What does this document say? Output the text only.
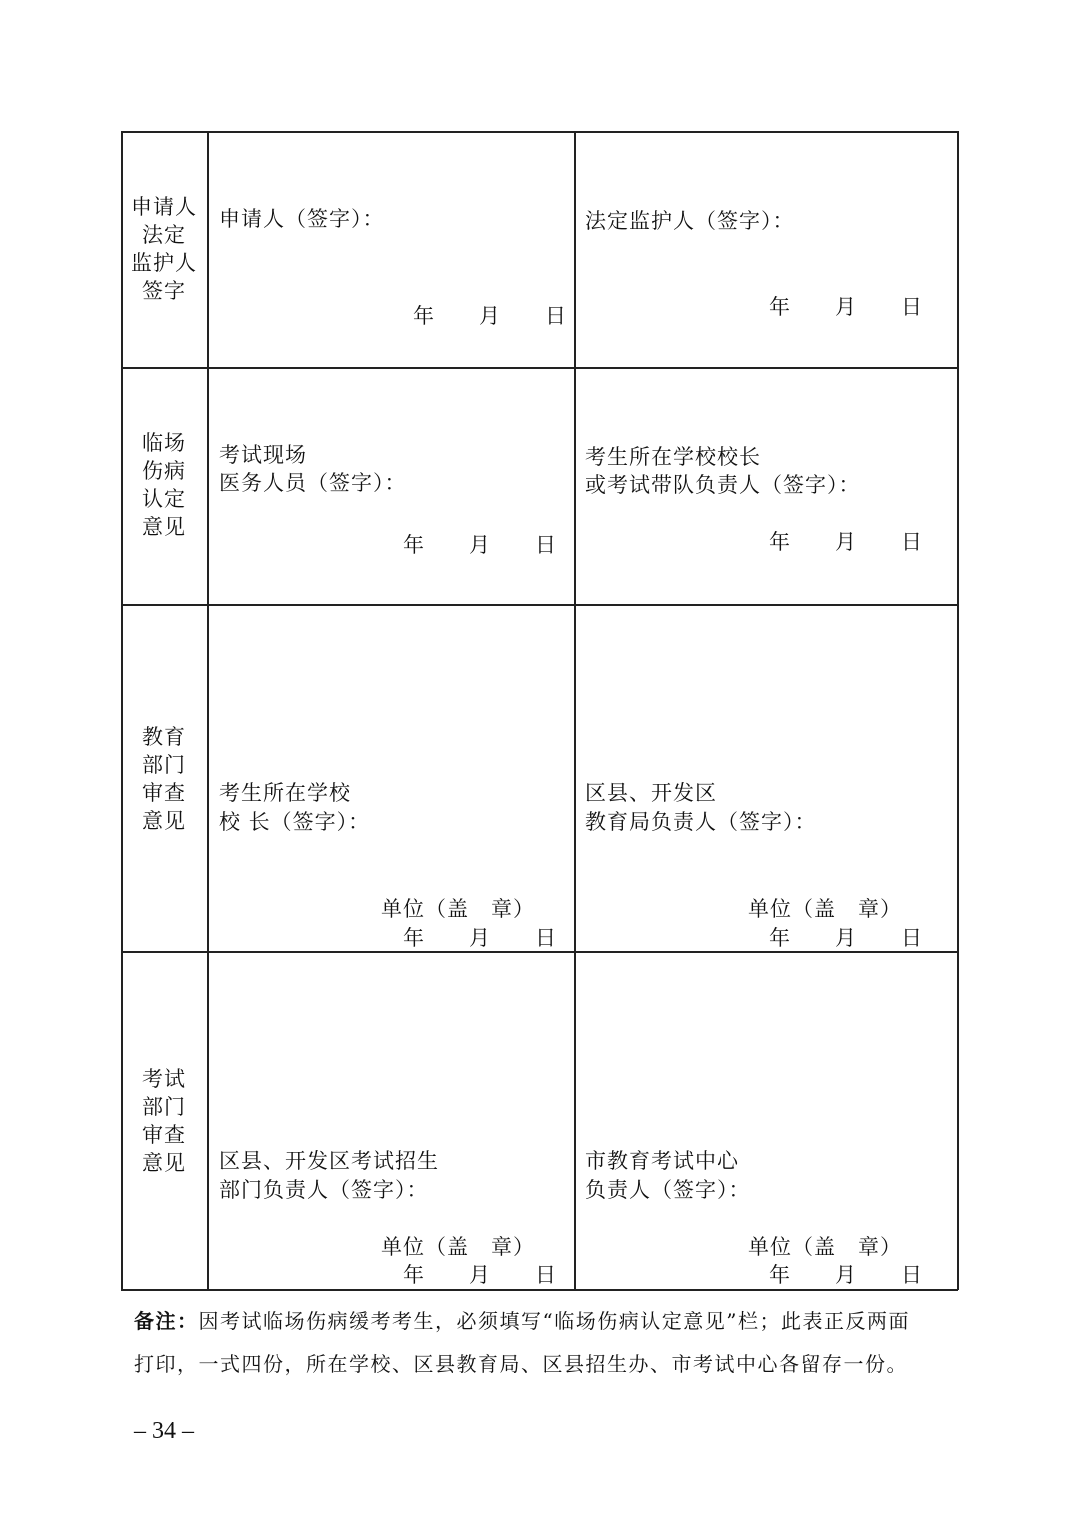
申请人
法定
监护人
签字
申请人（签字）：
年　　月　　日
法定监护人（签字）：
年　　月　　日
临场
伤病
认定
意见
考试现场
医务人员（签字）：
年　　月　　日
考生所在学校校长
或考试带队负责人（签字）：
年　　月　　日
教育
部门
审查
意见
考生所在学校
校 长（签字）：
单位（盖　章）
年　　月　　日
区县、开发区
教育局负责人（签字）：
单位（盖　章）
年　　月　　日
考试
部门
审查
意见	区县、开发区考试招生
部门负责人（签字）：
单位（盖　章）
年　　月　　日
市教育考试中心
负责人（签字）：
单位（盖　章）
年　　月　　日
备注：因考试临场伤病缓考考生，必须填写“临场伤病认定意见”栏；此表正反两面
打印，一式四份，所在学校、区县教育局、区县招生办、市考试中心各留存一份。
– 34 –
